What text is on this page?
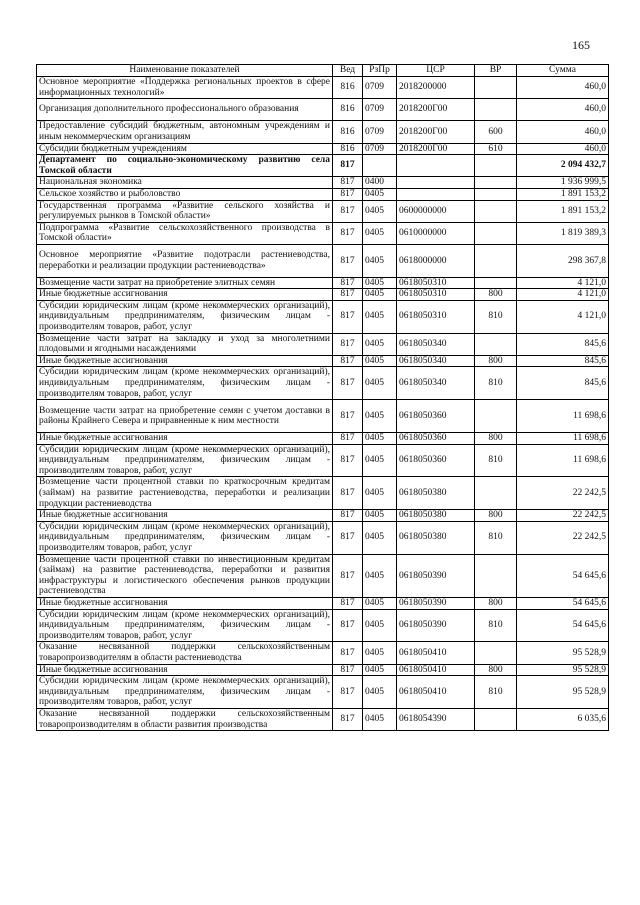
165
Наименование показателей	Вед	РзПр	ЦСР	ВР	Сумма
Основное мероприятие «Поддержка региональных проектов в сфере информационных технологий»	816	0709	2018200000		460,0
Организация дополнительного профессионального образования	816	0709	2018200Г00		460,0
Предоставление субсидий бюджетным, автономным учреждениям и иным некоммерческим организациям	816	0709	2018200Г00	600	460,0
Субсидии бюджетным учреждениям	816	0709	2018200Г00	610	460,0
Департамент по социально-экономическому развитию села Томской области	817				2 094 432,7
Национальная экономика	817	0400			1 936 999,5
Сельское хозяйство и рыболовство	817	0405			1 891 153,2
Государственная программа «Развитие сельского хозяйства и регулируемых рынков в Томской области»	817	0405	0600000000		1 891 153,2
Подпрограмма «Развитие сельскохозяйственного производства в Томской области»	817	0405	0610000000		1 819 389,3
Основное мероприятие «Развитие подотрасли растениеводства, переработки и реализации продукции растениеводства»	817	0405	0618000000		298 367,8
Возмещение части затрат на приобретение элитных семян	817	0405	0618050310		4 121,0
Иные бюджетные ассигнования	817	0405	0618050310	800	4 121,0
Субсидии юридическим лицам (кроме некоммерческих организаций), индивидуальным предпринимателям, физическим лицам - производителям товаров, работ, услуг	817	0405	0618050310	810	4 121,0
Возмещение части затрат на закладку и уход за многолетними плодовыми и ягодными насаждениями	817	0405	0618050340		845,6
Иные бюджетные ассигнования	817	0405	0618050340	800	845,6
Субсидии юридическим лицам (кроме некоммерческих организаций), индивидуальным предпринимателям, физическим лицам - производителям товаров, работ, услуг	817	0405	0618050340	810	845,6
Возмещение части затрат на приобретение семян с учетом доставки в районы Крайнего Севера и приравненные к ним местности	817	0405	0618050360		11 698,6
Иные бюджетные ассигнования	817	0405	0618050360	800	11 698,6
Субсидии юридическим лицам (кроме некоммерческих организаций), индивидуальным предпринимателям, физическим лицам - производителям товаров, работ, услуг	817	0405	0618050360	810	11 698,6
Возмещение части процентной ставки по краткосрочным кредитам (займам) на развитие растениеводства, переработки и реализации продукции растениеводства	817	0405	0618050380		22 242,5
Иные бюджетные ассигнования	817	0405	0618050380	800	22 242,5
Субсидии юридическим лицам (кроме некоммерческих организаций), индивидуальным предпринимателям, физическим лицам - производителям товаров, работ, услуг	817	0405	0618050380	810	22 242,5
Возмещение части процентной ставки по инвестиционным кредитам (займам) на развитие растениеводства, переработки и развития инфраструктуры и логистического обеспечения рынков продукции растениеводства	817	0405	0618050390		54 645,6
Иные бюджетные ассигнования	817	0405	0618050390	800	54 645,6
Субсидии юридическим лицам (кроме некоммерческих организаций), индивидуальным предпринимателям, физическим лицам - производителям товаров, работ, услуг	817	0405	0618050390	810	54 645,6
Оказание несвязанной поддержки сельскохозяйственным товаропроизводителям в области растениеводства	817	0405	0618050410		95 528,9
Иные бюджетные ассигнования	817	0405	0618050410	800	95 528,9
Субсидии юридическим лицам (кроме некоммерческих организаций), индивидуальным предпринимателям, физическим лицам - производителям товаров, работ, услуг	817	0405	0618050410	810	95 528,9
Оказание несвязанной поддержки сельскохозяйственным товаропроизводителям в области развития производства	817	0405	0618054390		6 035,6
